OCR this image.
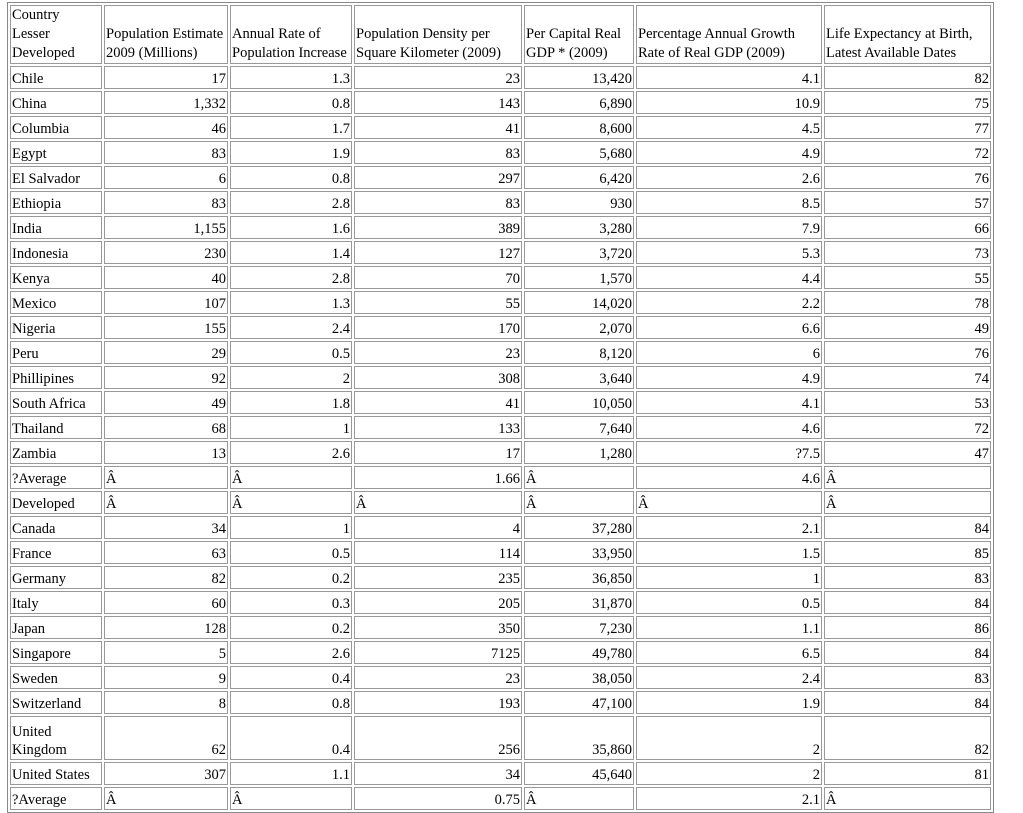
Country Lesser Developed	Population Estimate 2009 (Millions)	Annual Rate of Population Increase	Population Density per Square Kilometer (2009)	Per Capital Real GDP * (2009)	Percentage Annual Growth Rate of Real GDP (2009)	Life Expectancy at Birth, Latest Available Dates
Chile	17	1.3	23	13,420	4.1	82
China	1,332	0.8	143	6,890	10.9	75
Columbia	46	1.7	41	8,600	4.5	77
Egypt	83	1.9	83	5,680	4.9	72
El Salvador	6	0.8	297	6,420	2.6	76
Ethiopia	83	2.8	83	930	8.5	57
India	1,155	1.6	389	3,280	7.9	66
Indonesia	230	1.4	127	3,720	5.3	73
Kenya	40	2.8	70	1,570	4.4	55
Mexico	107	1.3	55	14,020	2.2	78
Nigeria	155	2.4	170	2,070	6.6	49
Peru	29	0.5	23	8,120	6	76
Phillipines	92	2	308	3,640	4.9	74
South Africa	49	1.8	41	10,050	4.1	53
Thailand	68	1	133	7,640	4.6	72
Zambia	13	2.6	17	1,280	?7.5	47
?Average	Â	Â	1.66	Â	4.6	Â
Developed	Â	Â	Â	Â	Â	Â
Canada	34	1	4	37,280	2.1	84
France	63	0.5	114	33,950	1.5	85
Germany	82	0.2	235	36,850	1	83
Italy	60	0.3	205	31,870	0.5	84
Japan	128	0.2	350	7,230	1.1	86
Singapore	5	2.6	7125	49,780	6.5	84
Sweden	9	0.4	23	38,050	2.4	83
Switzerland	8	0.8	193	47,100	1.9	84
United Kingdom	62	0.4	256	35,860	2	82
United States	307	1.1	34	45,640	2	81
?Average	Â	Â	0.75	Â	2.1	Â
